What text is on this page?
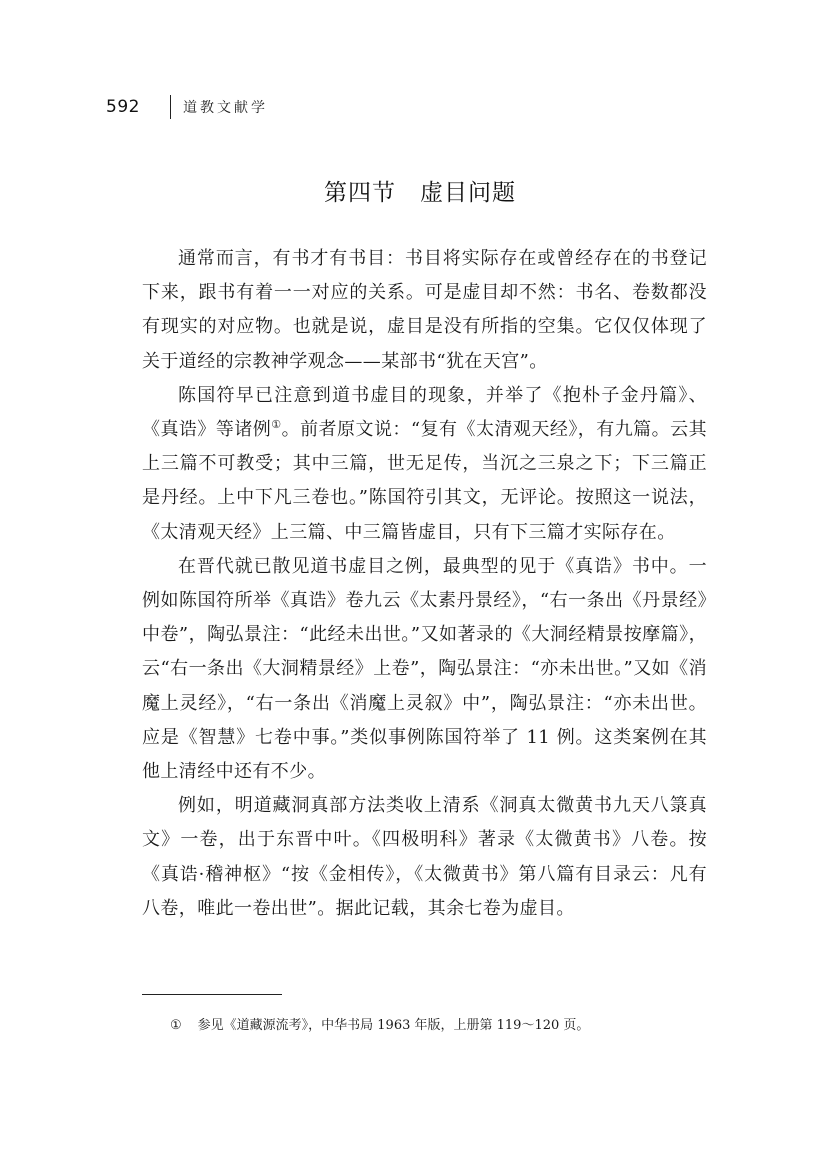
592	道教文献学
第四节　虚目问题

通常而言，有书才有书目：书目将实际存在或曾经存在的书登记下来，跟书有着一一对应的关系。可是虚目却不然：书名、卷数都没有现实的对应物。也就是说，虚目是没有所指的空集。它仅仅体现了关于道经的宗教神学观念——某部书“犹在天宫”。

陈国符早已注意到道书虚目的现象，并举了《抱朴子金丹篇》、《真诰》等诸例①。前者原文说：“复有《太清观天经》，有九篇。云其上三篇不可教受；其中三篇，世无足传，当沉之三泉之下；下三篇正是丹经。上中下凡三卷也。”陈国符引其文，无评论。按照这一说法，《太清观天经》上三篇、中三篇皆虚目，只有下三篇才实际存在。

在晋代就已散见道书虚目之例，最典型的见于《真诰》书中。一例如陈国符所举《真诰》卷九云《太素丹景经》，“右一条出《丹景经》中卷”，陶弘景注：“此经未出世。”又如著录的《大洞经精景按摩篇》，云“右一条出《大洞精景经》上卷”，陶弘景注：“亦未出世。”又如《消魔上灵经》，“右一条出《消魔上灵叙》中”，陶弘景注：“亦未出世。应是《智慧》七卷中事。”类似事例陈国符举了 11 例。这类案例在其他上清经中还有不少。

例如，明道藏洞真部方法类收上清系《洞真太微黄书九天八箓真文》一卷，出于东晋中叶。《四极明科》著录《太微黄书》八卷。按《真诰·稽神枢》“按《金相传》，《太微黄书》第八篇有目录云：凡有八卷，唯此一卷出世”。据此记载，其余七卷为虚目。

① 参见《道藏源流考》，中华书局 1963 年版，上册第 119～120 页。
